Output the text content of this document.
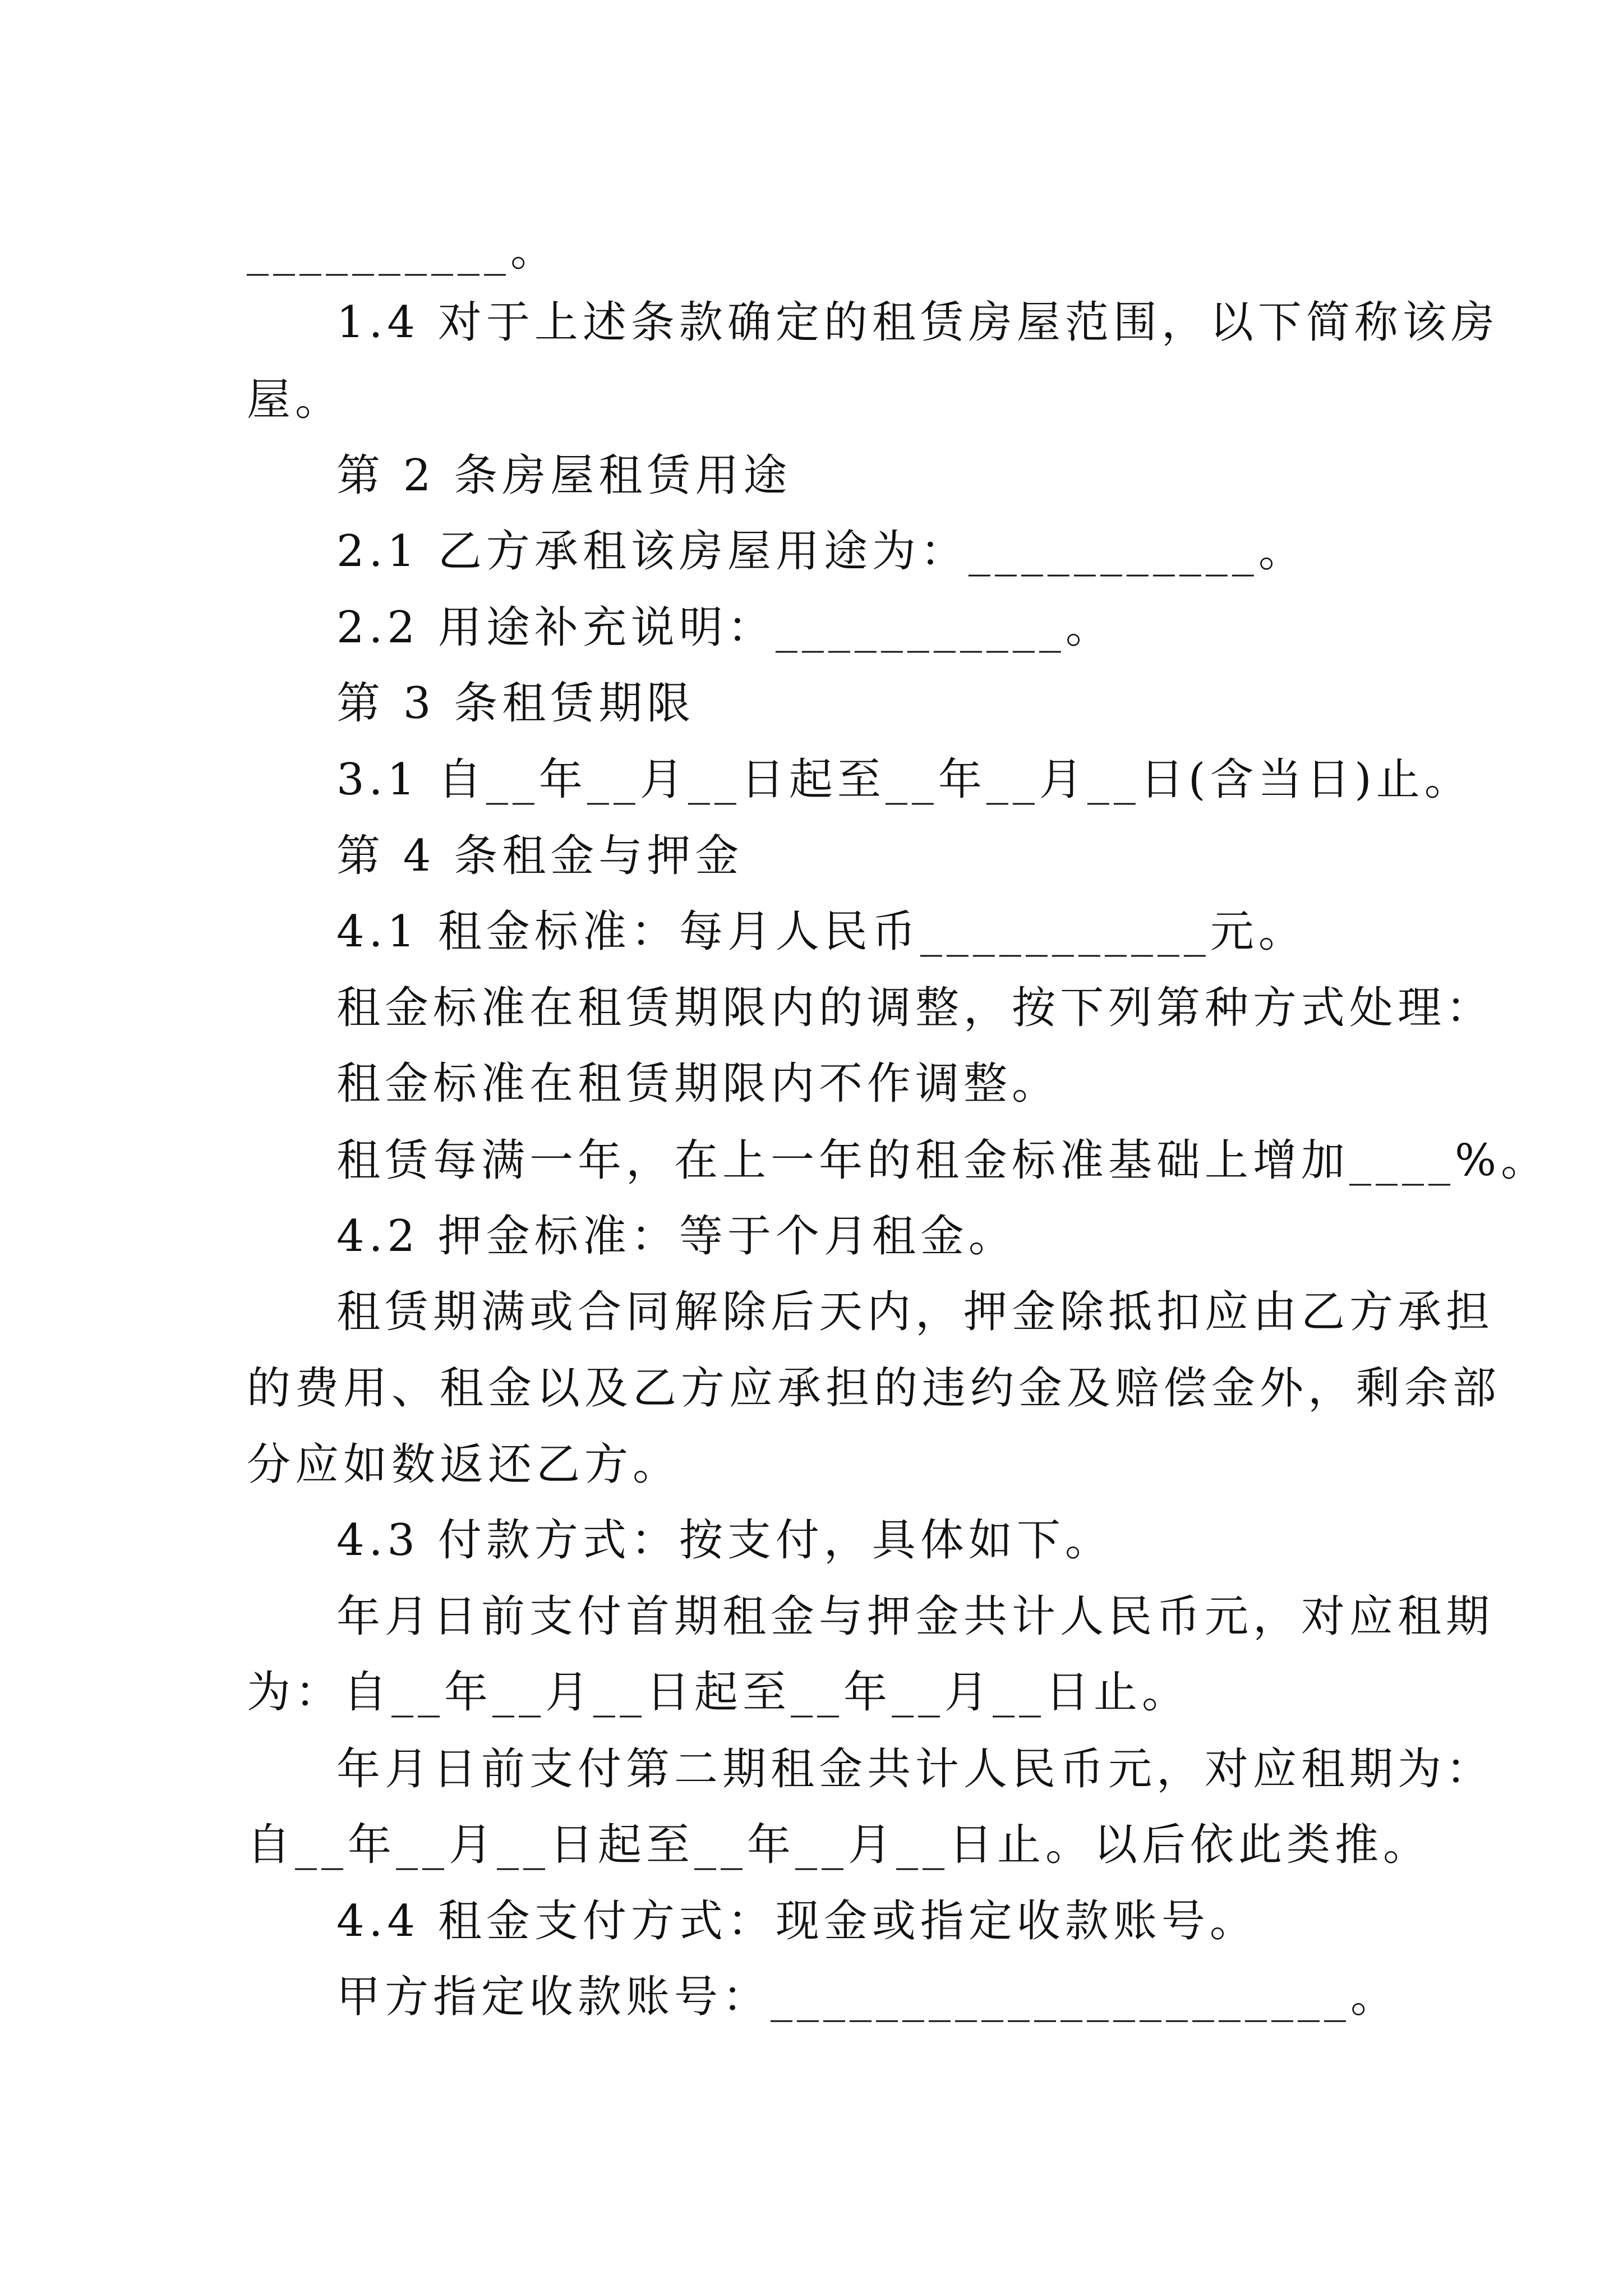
__________。
1.4 对于上述条款确定的租赁房屋范围，以下简称该房
屋。
第 2 条房屋租赁用途
2.1 乙方承租该房屋用途为：___________。
2.2 用途补充说明：___________。
第 3 条租赁期限
3.1 自__年__月__日起至__年__月__日(含当日)止。
第 4 条租金与押金
4.1 租金标准：每月人民币___________元。
租金标准在租赁期限内的调整，按下列第种方式处理：
租金标准在租赁期限内不作调整。
租赁每满一年，在上一年的租金标准基础上增加____%。
4.2 押金标准：等于个月租金。
租赁期满或合同解除后天内，押金除抵扣应由乙方承担
的费用、租金以及乙方应承担的违约金及赔偿金外，剩余部
分应如数返还乙方。
4.3 付款方式：按支付，具体如下。
年月日前支付首期租金与押金共计人民币元，对应租期
为：自__年__月__日起至__年__月__日止。
年月日前支付第二期租金共计人民币元，对应租期为：
自__年__月__日起至__年__月__日止。以后依此类推。
4.4 租金支付方式：现金或指定收款账号。
甲方指定收款账号：______________________。
